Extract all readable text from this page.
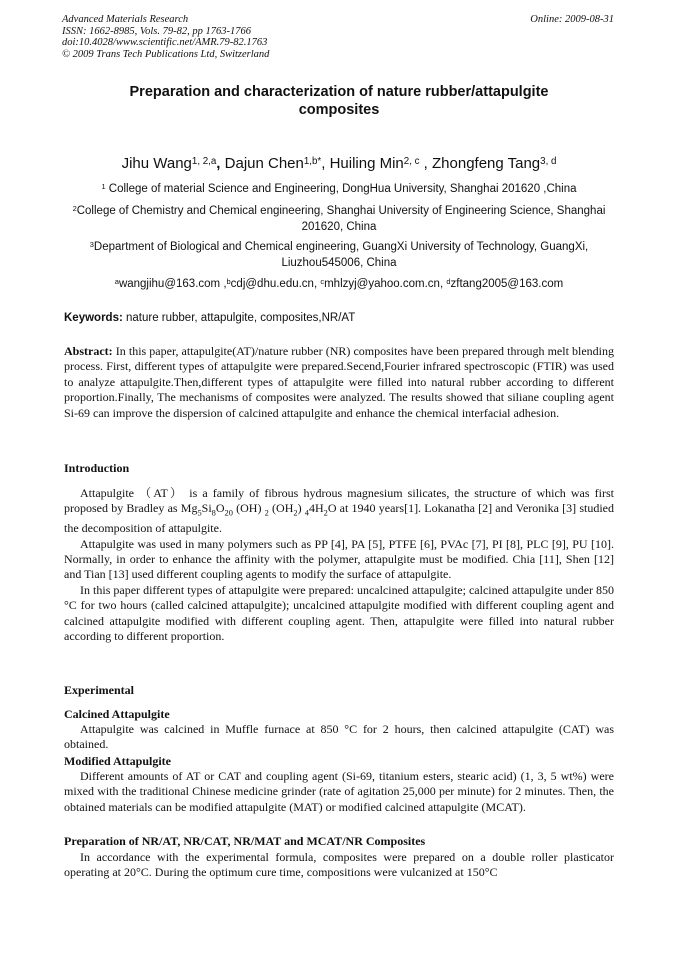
Advanced Materials Research
ISSN: 1662-8985, Vols. 79-82, pp 1763-1766
doi:10.4028/www.scientific.net/AMR.79-82.1763
© 2009 Trans Tech Publications Ltd, Switzerland
Online: 2009-08-31
Preparation and characterization of nature rubber/attapulgite
composites
Jihu Wang$^{1, 2,a}$, Dajun Chen$^{1,b*}$, Huiling Min$^{2, c}$ , Zhongfeng Tang$^{3, d}$
$^1$ College of material Science and Engineering, DongHua University, Shanghai 201620 ,China
$^2$College of Chemistry and Chemical engineering, Shanghai University of Engineering Science, Shanghai 201620, China
$^3$Department of Biological and Chemical engineering, GuangXi University of Technology, GuangXi, Liuzhou545006, China
$^a$wangjihu@163.com ,$^b$cdj@dhu.edu.cn, $^c$mhlzyj@yahoo.com.cn, $^d$zftang2005@163.com
Keywords: nature rubber, attapulgite, composites,NR/AT

Abstract: In this paper, attapulgite(AT)/nature rubber (NR) composites have been prepared through melt blending process. First, different types of attapulgite were prepared.Secend,Fourier infrared spectroscopic (FTIR) was used to analyze attapulgite.Then,different types of attapulgite were filled into natural rubber according to different proportion.Finally, The mechanisms of composites were analyzed. The results showed that siliane coupling agent Si-69 can improve the dispersion of calcined attapulgite and enhance the chemical interfacial adhesion.

Introduction

Attapulgite （AT） is a family of fibrous hydrous magnesium silicates, the structure of which was first proposed by Bradley as $Mg_5Si_8O_{20}$ (OH) $_2$ $(OH_2)$ $_44H_2O$ at 1940 years[1]. Lokanatha [2] and Veronika [3] studied the decomposition of attapulgite.

Attapulgite was used in many polymers such as PP [4], PA [5], PTFE [6], PVAc [7], PI [8], PLC [9], PU [10]. Normally, in order to enhance the affinity with the polymer, attapulgite must be modified. Chia [11], Shen [12] and Tian [13] used different coupling agents to modify the surface of attapulgite.

In this paper different types of attapulgite were prepared: uncalcined attapulgite; calcined attapulgite under 850 °C for two hours (called calcined attapulgite); uncalcined attapulgite modified with different coupling agent and calcined attapulgite modified with different coupling agent. Then, attapulgite were filled into natural rubber according to different proportion.

Experimental
Calcined Attapulgite

Attapulgite was calcined in Muffle furnace at 850 °C for 2 hours, then calcined attapulgite (CAT) was obtained.

Modified Attapulgite

Different amounts of AT or CAT and coupling agent (Si-69, titanium esters, stearic acid) (1, 3, 5 wt%) were mixed with the traditional Chinese medicine grinder (rate of agitation 25,000 per minute) for 2 minutes. Then, the obtained materials can be modified attapulgite (MAT) or modified calcined attapulgite (MCAT).

Preparation of NR/AT, NR/CAT, NR/MAT and MCAT/NR Composites

In accordance with the experimental formula, composites were prepared on a double roller plasticator operating at 20°C. During the optimum cure time, compositions were vulcanized at 150°C
